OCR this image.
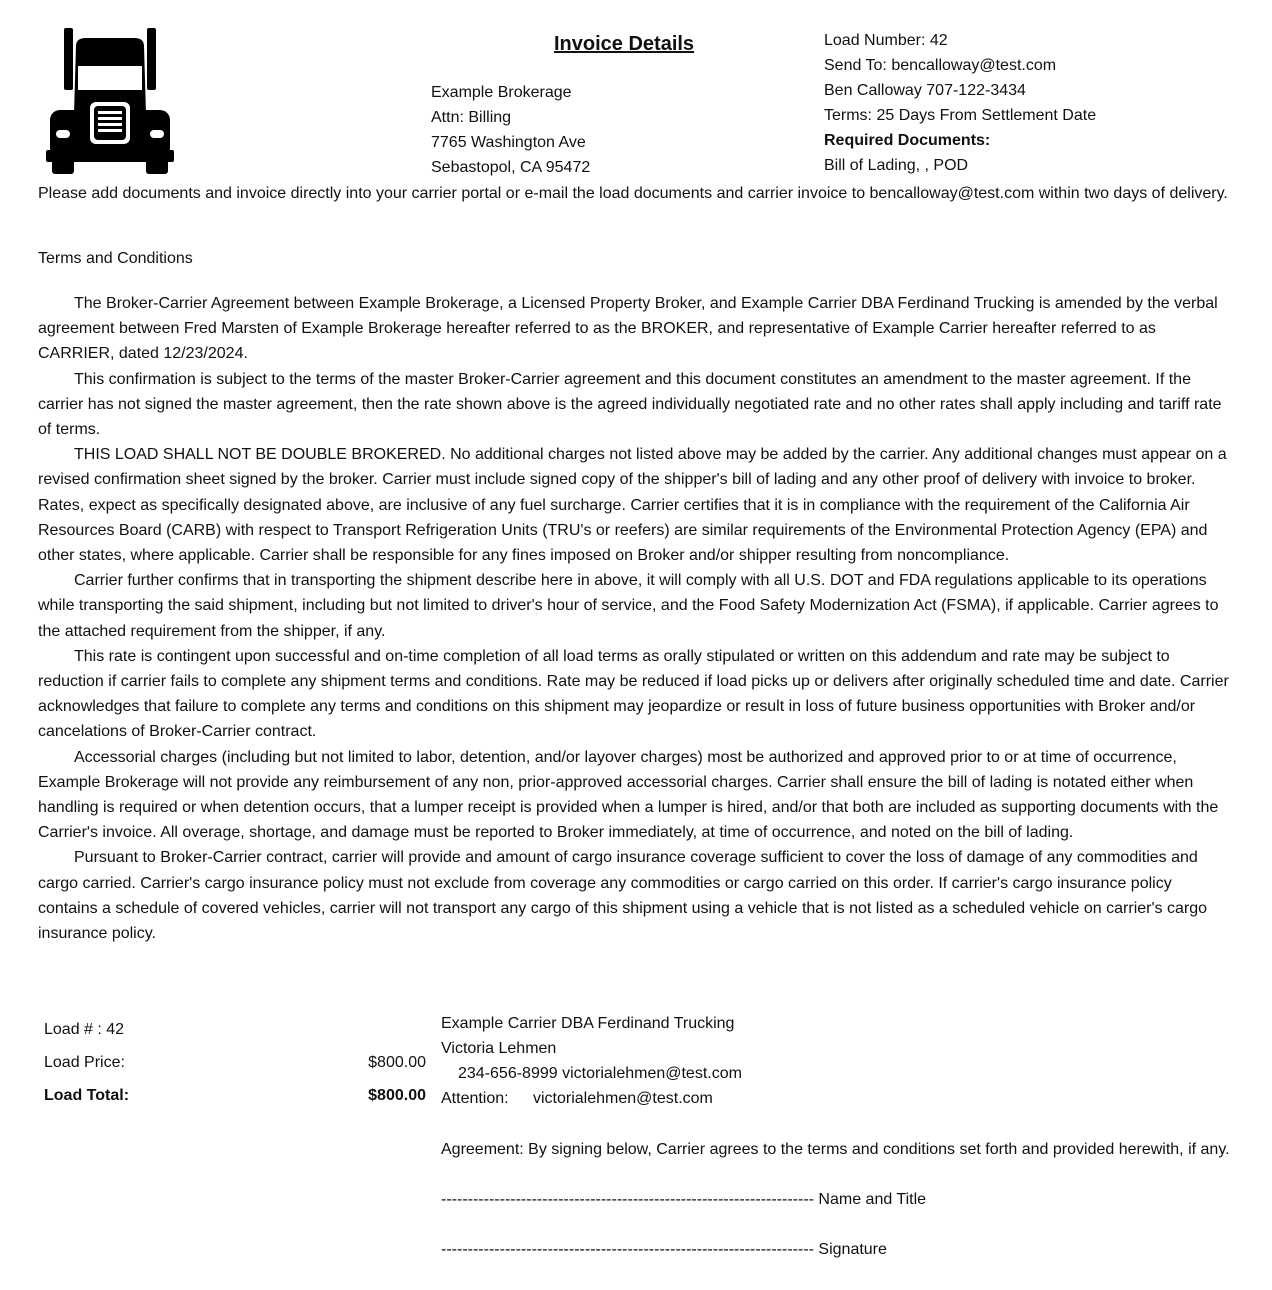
Invoice Details
Example Brokerage
Attn: Billing
7765 Washington Ave
Sebastopol, CA 95472
Load Number: 42
Send To: bencalloway@test.com
Ben Calloway 707-122-3434
Terms: 25 Days From Settlement Date
Required Documents:
Bill of Lading, , POD
Please add documents and invoice directly into your carrier portal or e-mail the load documents and carrier invoice to bencalloway@test.com within two days of delivery.
Terms and Conditions

The Broker-Carrier Agreement between Example Brokerage, a Licensed Property Broker, and Example Carrier DBA Ferdinand Trucking is amended by the verbal agreement between Fred Marsten of Example Brokerage hereafter referred to as the BROKER, and representative of Example Carrier hereafter referred to as CARRIER, dated 12/23/2024.

This confirmation is subject to the terms of the master Broker-Carrier agreement and this document constitutes an amendment to the master agreement. If the carrier has not signed the master agreement, then the rate shown above is the agreed individually negotiated rate and no other rates shall apply including and tariff rate of terms.

THIS LOAD SHALL NOT BE DOUBLE BROKERED. No additional charges not listed above may be added by the carrier. Any additional changes must appear on a revised confirmation sheet signed by the broker. Carrier must include signed copy of the shipper's bill of lading and any other proof of delivery with invoice to broker. Rates, expect as specifically designated above, are inclusive of any fuel surcharge. Carrier certifies that it is in compliance with the requirement of the California Air Resources Board (CARB) with respect to Transport Refrigeration Units (TRU's or reefers) are similar requirements of the Environmental Protection Agency (EPA) and other states, where applicable. Carrier shall be responsible for any fines imposed on Broker and/or shipper resulting from noncompliance.

Carrier further confirms that in transporting the shipment describe here in above, it will comply with all U.S. DOT and FDA regulations applicable to its operations while transporting the said shipment, including but not limited to driver's hour of service, and the Food Safety Modernization Act (FSMA), if applicable. Carrier agrees to the attached requirement from the shipper, if any.

This rate is contingent upon successful and on-time completion of all load terms as orally stipulated or written on this addendum and rate may be subject to reduction if carrier fails to complete any shipment terms and conditions. Rate may be reduced if load picks up or delivers after originally scheduled time and date. Carrier acknowledges that failure to complete any terms and conditions on this shipment may jeopardize or result in loss of future business opportunities with Broker and/or cancelations of Broker-Carrier contract.

Accessorial charges (including but not limited to labor, detention, and/or layover charges) most be authorized and approved prior to or at time of occurrence, Example Brokerage will not provide any reimbursement of any non, prior-approved accessorial charges. Carrier shall ensure the bill of lading is notated either when handling is required or when detention occurs, that a lumper receipt is provided when a lumper is hired, and/or that both are included as supporting documents with the Carrier's invoice. All overage, shortage, and damage must be reported to Broker immediately, at time of occurrence, and noted on the bill of lading.

Pursuant to Broker-Carrier contract, carrier will provide and amount of cargo insurance coverage sufficient to cover the loss of damage of any commodities and cargo carried. Carrier's cargo insurance policy must not exclude from coverage any commodities or cargo carried on this order. If carrier's cargo insurance policy contains a schedule of covered vehicles, carrier will not transport any cargo of this shipment using a vehicle that is not listed as a scheduled vehicle on carrier's cargo insurance policy.

Load # : 42
Load Price:	$800.00
Load Total:	$800.00
Example Carrier DBA Ferdinand Trucking
Victoria Lehmen
234-656-8999 victorialehmen@test.com
Attention: victorialehmen@test.com
Agreement: By signing below, Carrier agrees to the terms and conditions set forth and provided herewith, if any.
---------------------------------------------------------------------- Name and Title
---------------------------------------------------------------------- Signature
